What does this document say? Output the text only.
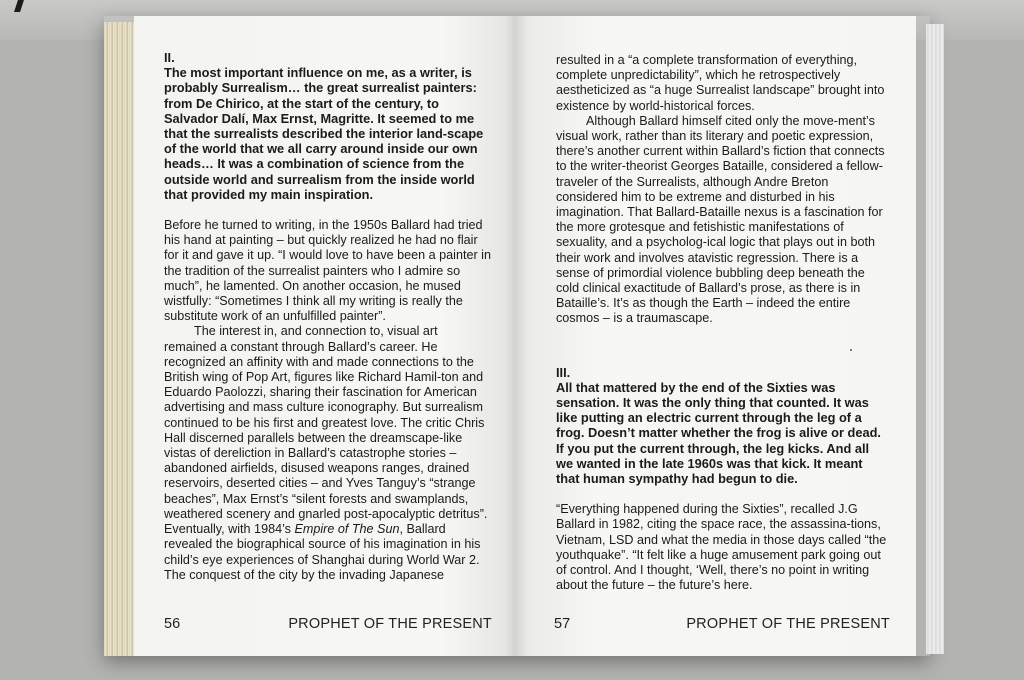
II.

The most important influence on me, as a writer, is probably Surrealism… the great surrealist painters: from De Chirico, at the start of the century, to Salvador Dalí, Max Ernst, Magritte. It seemed to me that the surrealists described the interior land-scape of the world that we all carry around inside our own heads… It was a combination of science from the outside world and surrealism from the inside world that provided my main inspiration.

Before he turned to writing, in the 1950s Ballard had tried his hand at painting – but quickly realized he had no flair for it and gave it up. “I would love to have been a painter in the tradition of the surrealist painters who I admire so much”, he lamented. On another occasion, he mused wistfully: “Sometimes I think all my writing is really the substitute work of an unfulfilled painter”.

The interest in, and connection to, visual art remained a constant through Ballard’s career. He recognized an affinity with and made connections to the British wing of Pop Art, figures like Richard Hamil-ton and Eduardo Paolozzi, sharing their fascination for American advertising and mass culture iconography. But surrealism continued to be his first and greatest love. The critic Chris Hall discerned parallels between the dreamscape-like vistas of dereliction in Ballard’s catastrophe stories – abandoned airfields, disused weapons ranges, drained reservoirs, deserted cities – and Yves Tanguy’s “strange beaches”, Max Ernst’s “silent forests and swamplands, weathered scenery and gnarled post-apocalyptic detritus”. Eventually, with 1984’s Empire of The Sun, Ballard revealed the biographical source of his imagination in his child’s eye experiences of Shanghai during World War 2. The conquest of the city by the invading Japanese

56	PROPHET OF THE PRESENT

resulted in a “a complete transformation of everything, complete unpredictability”, which he retrospectively aestheticized as “a huge Surrealist landscape” brought into existence by world-historical forces.

Although Ballard himself cited only the move-ment’s visual work, rather than its literary and poetic expression, there’s another current within Ballard’s fiction that connects to the writer-theorist Georges Bataille, considered a fellow-traveler of the Surrealists, although Andre Breton considered him to be extreme and disturbed in his imagination. That Ballard-Bataille nexus is a fascination for the more grotesque and fetishistic manifestations of sexuality, and a psycholog-ical logic that plays out in both their work and involves atavistic regression. There is a sense of primordial violence bubbling deep beneath the cold clinical exactitude of Ballard’s prose, as there is in Bataille’s. It’s as though the Earth – indeed the entire cosmos – is a traumascape.

III.

All that mattered by the end of the Sixties was sensation. It was the only thing that counted. It was like putting an electric current through the leg of a frog. Doesn’t matter whether the frog is alive or dead. If you put the current through, the leg kicks. And all we wanted in the late 1960s was that kick. It meant that human sympathy had begun to die.

“Everything happened during the Sixties”, recalled J.G Ballard in 1982, citing the space race, the assassina-tions, Vietnam, LSD and what the media in those days called “the youthquake”. “It felt like a huge amusement park going out of control. And I thought, ‘Well, there’s no point in writing about the future – the future’s here.

57	PROPHET OF THE PRESENT
